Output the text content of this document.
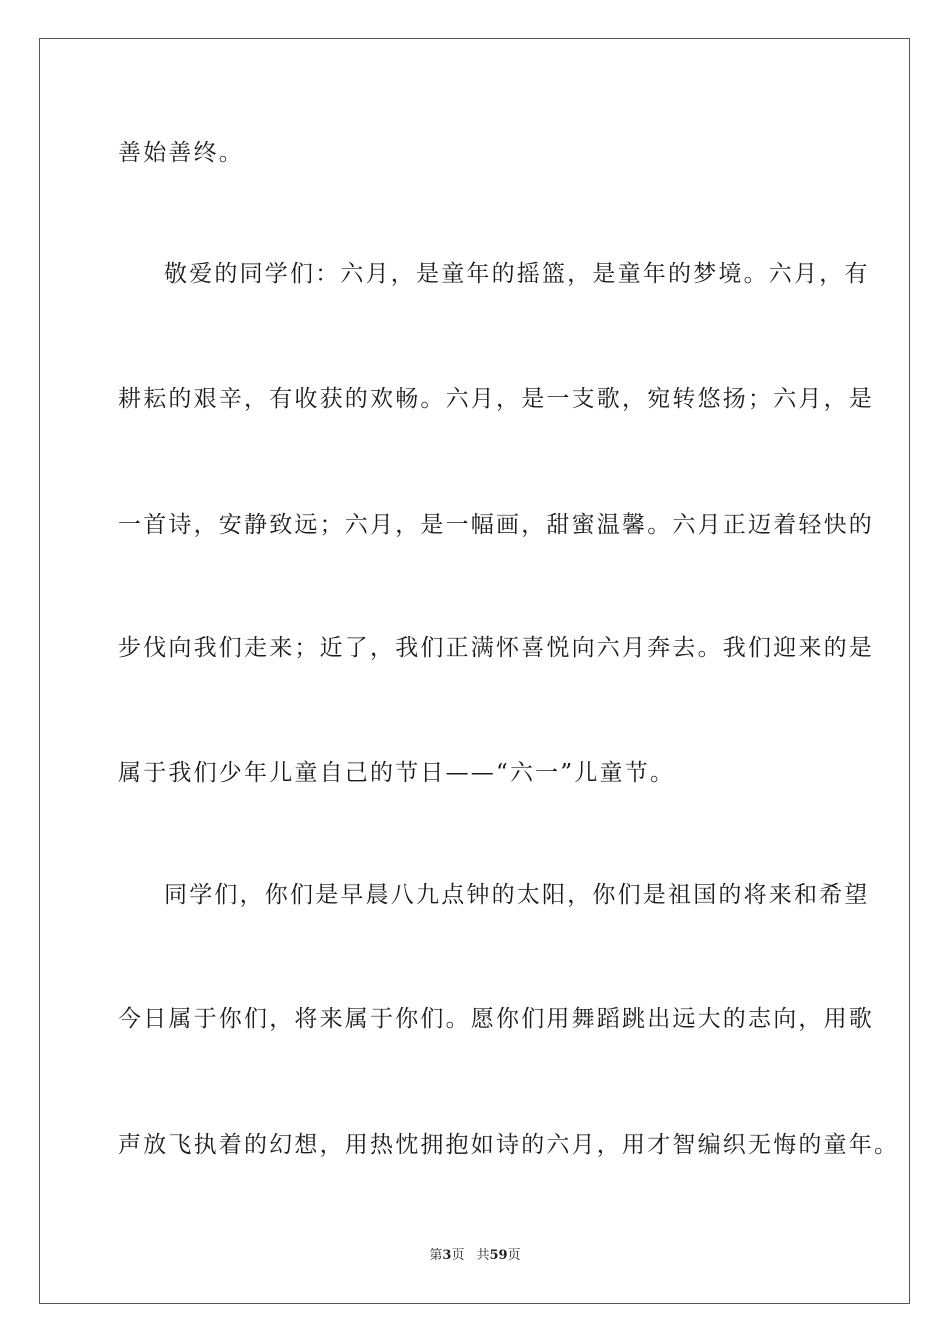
善始善终。
敬爱的同学们：六月，是童年的摇篮，是童年的梦境。六月，有
耕耘的艰辛，有收获的欢畅。六月，是一支歌，宛转悠扬；六月，是
一首诗，安静致远；六月，是一幅画，甜蜜温馨。六月正迈着轻快的
步伐向我们走来；近了，我们正满怀喜悦向六月奔去。我们迎来的是
属于我们少年儿童自己的节日——“六一”儿童节。
同学们，你们是早晨八九点钟的太阳，你们是祖国的将来和希望
今日属于你们，将来属于你们。愿你们用舞蹈跳出远大的志向，用歌
声放飞执着的幻想，用热忱拥抱如诗的六月，用才智编织无悔的童年。
第3页 共59页
